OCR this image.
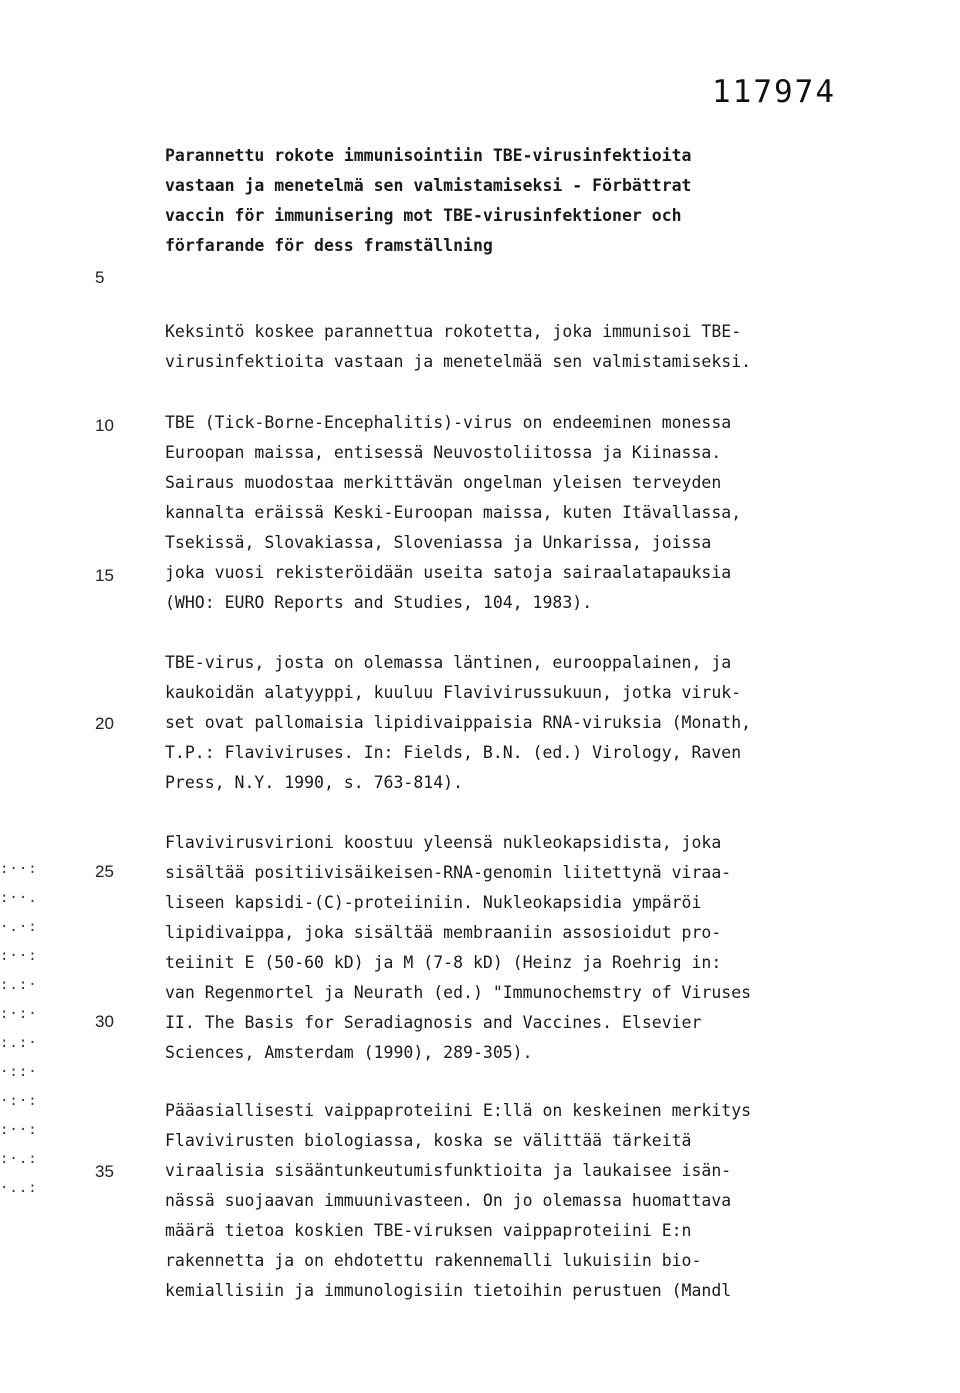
117974
Parannettu rokote immunisointiin TBE-virusinfektioita
vastaan ja menetelmä sen valmistamiseksi - Förbättrat
vaccin för immunisering mot TBE-virusinfektioner och
förfarande för dess framställning
5
10
15
20
25
30
35
Keksintö koskee parannettua rokotetta, joka immunisoi TBE-
virusinfektioita vastaan ja menetelmää sen valmistamiseksi.
TBE (Tick-Borne-Encephalitis)-virus on endeeminen monessa
Euroopan maissa, entisessä Neuvostoliitossa ja Kiinassa.
Sairaus muodostaa merkittävän ongelman yleisen terveyden
kannalta eräissä Keski-Euroopan maissa, kuten Itävallassa,
Tsekissä, Slovakiassa, Sloveniassa ja Unkarissa, joissa
joka vuosi rekisteröidään useita satoja sairaalatapauksia
(WHO: EURO Reports and Studies, 104, 1983).
TBE-virus, josta on olemassa läntinen, eurooppalainen, ja
kaukoidän alatyyppi, kuuluu Flavivirussukuun, jotka viruk-
set ovat pallomaisia lipidivaippaisia RNA-viruksia (Monath,
T.P.: Flaviviruses. In: Fields, B.N. (ed.) Virology, Raven
Press, N.Y. 1990, s. 763-814).
Flavivirusvirioni koostuu yleensä nukleokapsidista, joka
sisältää positiivisäikeisen-RNA-genomin liitettynä viraa-
liseen kapsidi-(C)-proteiiniin. Nukleokapsidia ympäröi
lipidivaippa, joka sisältää membraaniin assosioidut pro-
teiinit E (50-60 kD) ja M (7-8 kD) (Heinz ja Roehrig in:
van Regenmortel ja Neurath (ed.) "Immunochemstry of Viruses
II. The Basis for Seradiagnosis and Vaccines. Elsevier
Sciences, Amsterdam (1990), 289-305).
Pääasiallisesti vaippaproteiini E:llä on keskeinen merkitys
Flavivirusten biologiassa, koska se välittää tärkeitä
viraalisia sisääntunkeutumisfunktioita ja laukaisee isän-
nässä suojaavan immuunivasteen. On jo olemassa huomattava
määrä tietoa koskien TBE-viruksen vaippaproteiini E:n
rakennetta ja on ehdotettu rakennemalli lukuisiin bio-
kemiallisiin ja immunologisiin tietoihin perustuen (Mandl
:··:
:··.
·.·:
:··:
:.:·
:·:·
:.:·
·::·
·:·:
:··:
:·.:
·..:
